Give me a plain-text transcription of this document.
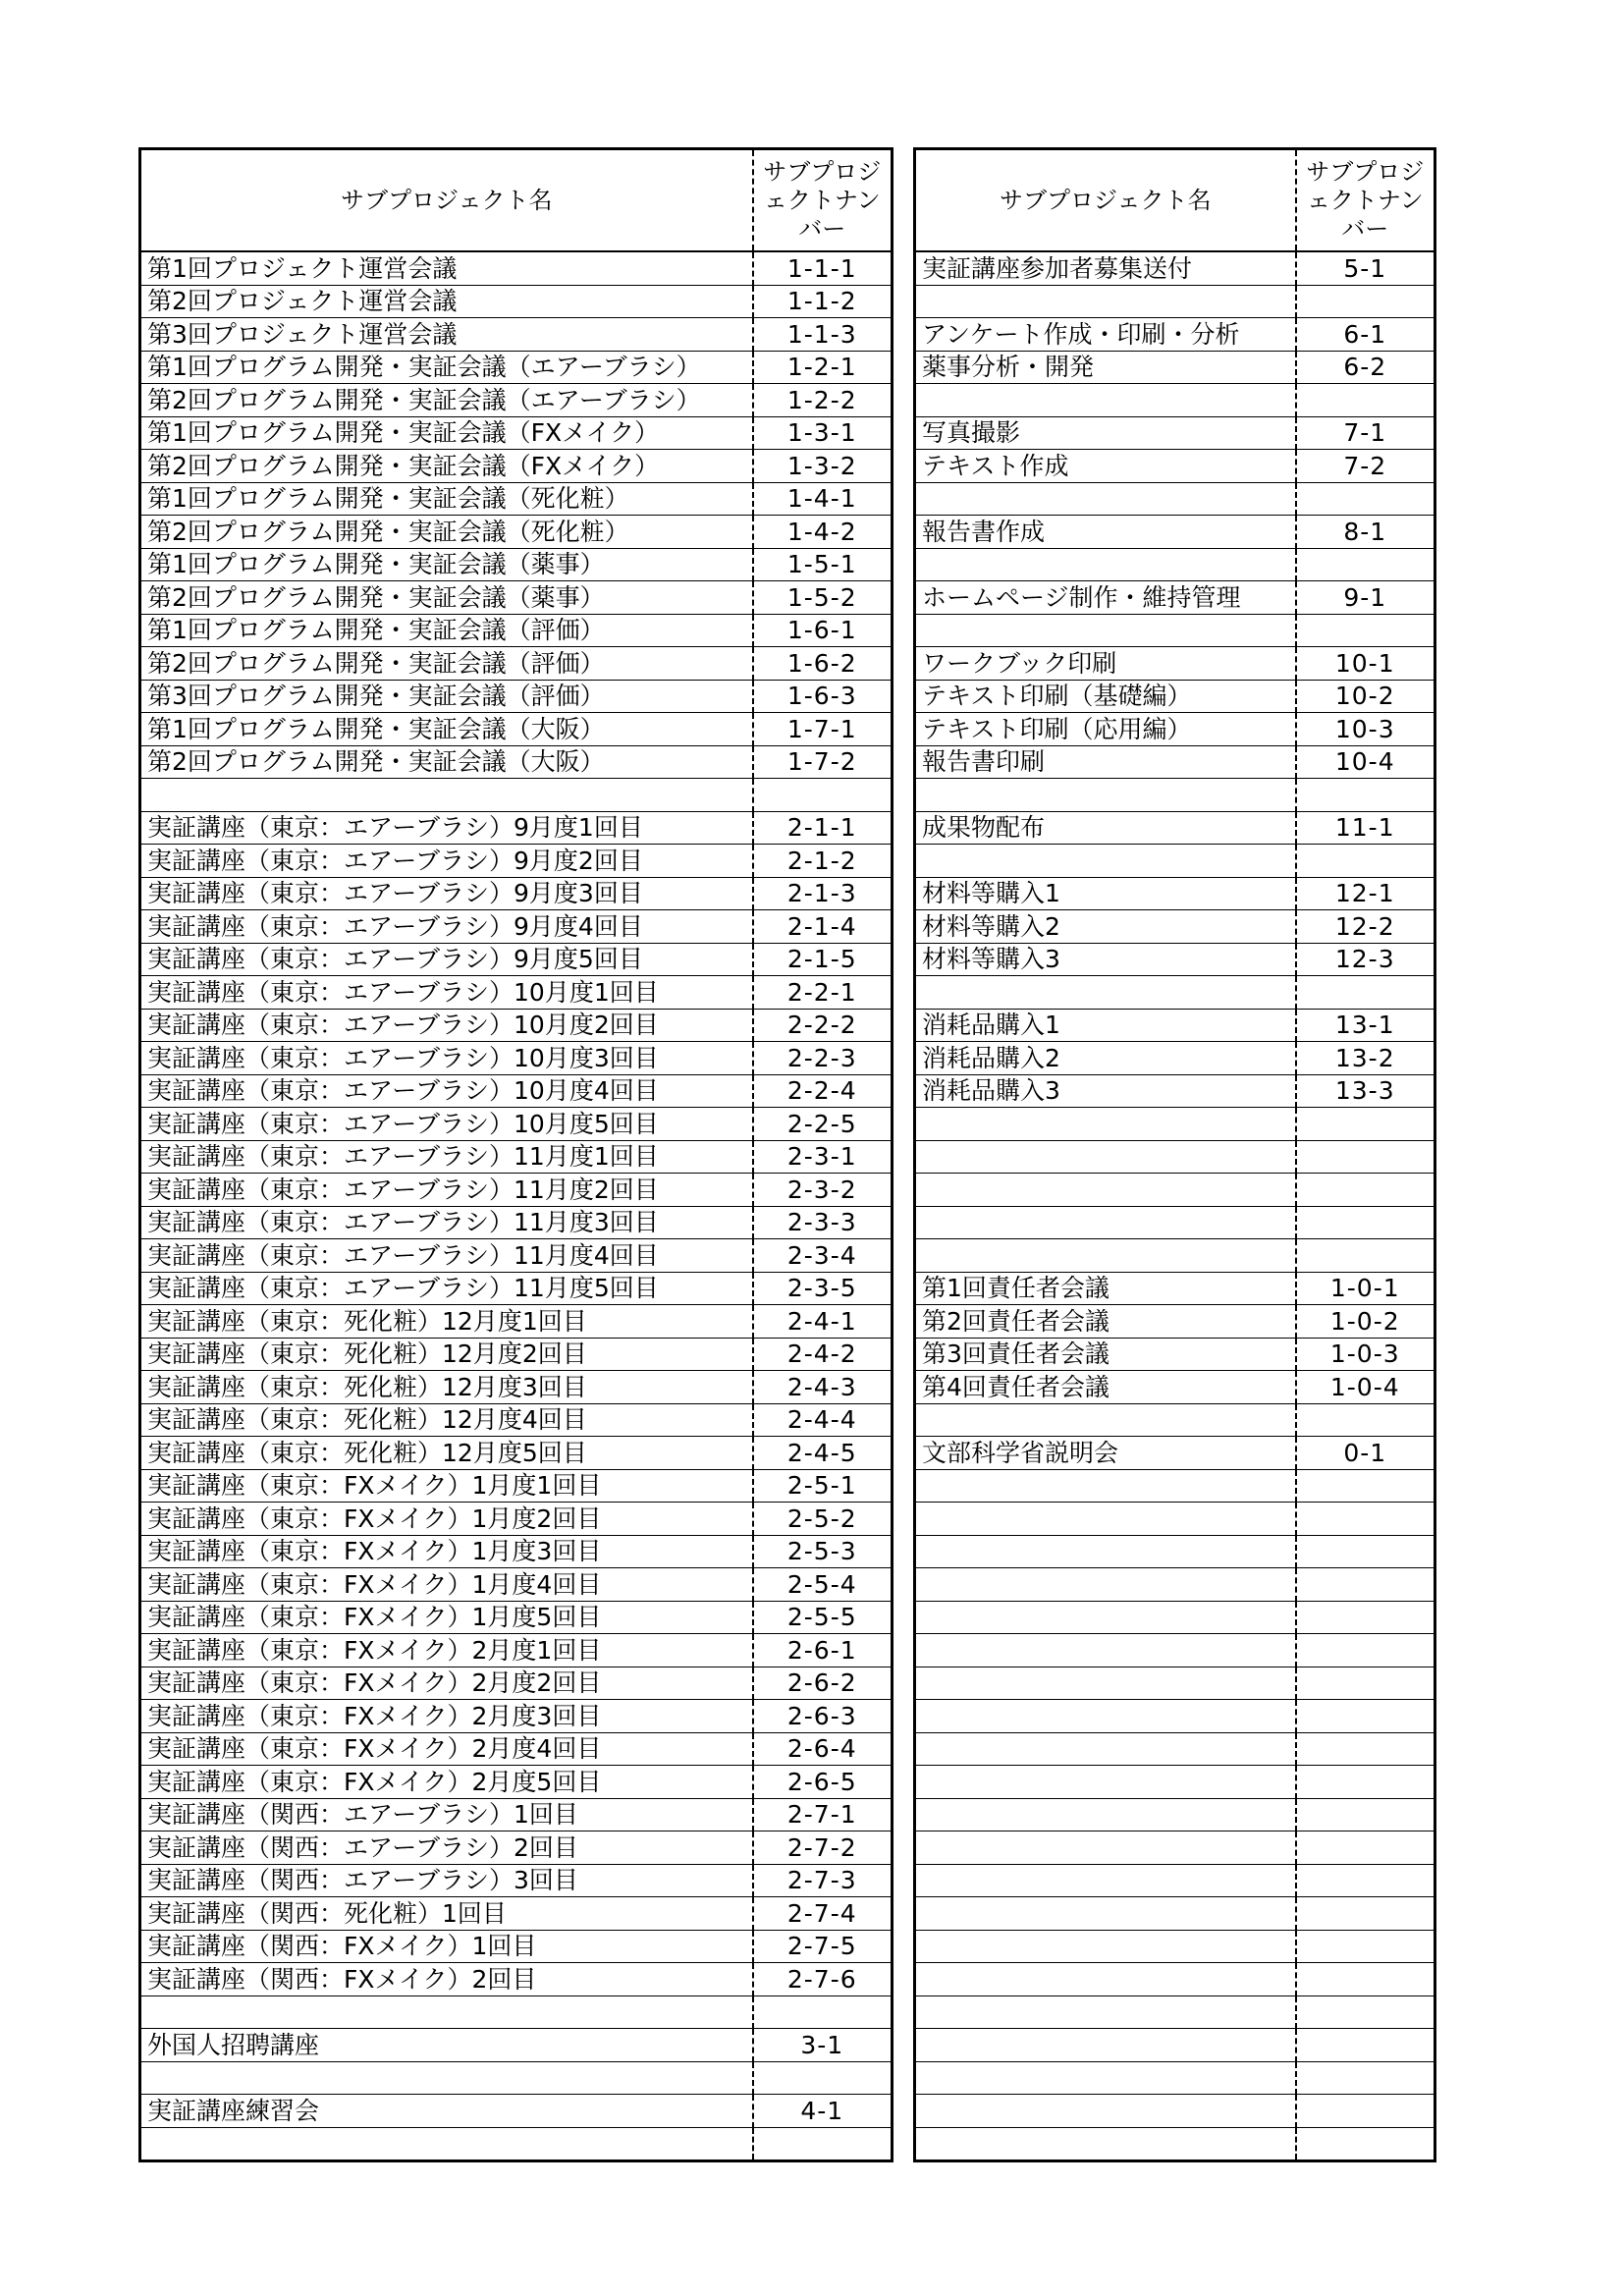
サブプロジェクト名	サブプロジェクトナンバー
第1回プロジェクト運営会議	1-1-1
第2回プロジェクト運営会議	1-1-2
第3回プロジェクト運営会議	1-1-3
第1回プログラム開発・実証会議（エアーブラシ）	1-2-1
第2回プログラム開発・実証会議（エアーブラシ）	1-2-2
第1回プログラム開発・実証会議（FXメイク）	1-3-1
第2回プログラム開発・実証会議（FXメイク）	1-3-2
第1回プログラム開発・実証会議（死化粧）	1-4-1
第2回プログラム開発・実証会議（死化粧）	1-4-2
第1回プログラム開発・実証会議（薬事）	1-5-1
第2回プログラム開発・実証会議（薬事）	1-5-2
第1回プログラム開発・実証会議（評価）	1-6-1
第2回プログラム開発・実証会議（評価）	1-6-2
第3回プログラム開発・実証会議（評価）	1-6-3
第1回プログラム開発・実証会議（大阪）	1-7-1
第2回プログラム開発・実証会議（大阪）	1-7-2

実証講座（東京：エアーブラシ）9月度1回目	2-1-1
実証講座（東京：エアーブラシ）9月度2回目	2-1-2
実証講座（東京：エアーブラシ）9月度3回目	2-1-3
実証講座（東京：エアーブラシ）9月度4回目	2-1-4
実証講座（東京：エアーブラシ）9月度5回目	2-1-5
実証講座（東京：エアーブラシ）10月度1回目	2-2-1
実証講座（東京：エアーブラシ）10月度2回目	2-2-2
実証講座（東京：エアーブラシ）10月度3回目	2-2-3
実証講座（東京：エアーブラシ）10月度4回目	2-2-4
実証講座（東京：エアーブラシ）10月度5回目	2-2-5
実証講座（東京：エアーブラシ）11月度1回目	2-3-1
実証講座（東京：エアーブラシ）11月度2回目	2-3-2
実証講座（東京：エアーブラシ）11月度3回目	2-3-3
実証講座（東京：エアーブラシ）11月度4回目	2-3-4
実証講座（東京：エアーブラシ）11月度5回目	2-3-5
実証講座（東京：死化粧）12月度1回目	2-4-1
実証講座（東京：死化粧）12月度2回目	2-4-2
実証講座（東京：死化粧）12月度3回目	2-4-3
実証講座（東京：死化粧）12月度4回目	2-4-4
実証講座（東京：死化粧）12月度5回目	2-4-5
実証講座（東京：FXメイク）1月度1回目	2-5-1
実証講座（東京：FXメイク）1月度2回目	2-5-2
実証講座（東京：FXメイク）1月度3回目	2-5-3
実証講座（東京：FXメイク）1月度4回目	2-5-4
実証講座（東京：FXメイク）1月度5回目	2-5-5
実証講座（東京：FXメイク）2月度1回目	2-6-1
実証講座（東京：FXメイク）2月度2回目	2-6-2
実証講座（東京：FXメイク）2月度3回目	2-6-3
実証講座（東京：FXメイク）2月度4回目	2-6-4
実証講座（東京：FXメイク）2月度5回目	2-6-5
実証講座（関西：エアーブラシ）1回目	2-7-1
実証講座（関西：エアーブラシ）2回目	2-7-2
実証講座（関西：エアーブラシ）3回目	2-7-3
実証講座（関西：死化粧）1回目	2-7-4
実証講座（関西：FXメイク）1回目	2-7-5
実証講座（関西：FXメイク）2回目	2-7-6

外国人招聘講座	3-1

実証講座練習会	4-1

サブプロジェクト名	サブプロジェクトナンバー
実証講座参加者募集送付	5-1

アンケート作成・印刷・分析	6-1
薬事分析・開発	6-2

写真撮影	7-1
テキスト作成	7-2

報告書作成	8-1

ホームページ制作・維持管理	9-1

ワークブック印刷	10-1
テキスト印刷（基礎編）	10-2
テキスト印刷（応用編）	10-3
報告書印刷	10-4

成果物配布	11-1

材料等購入1	12-1
材料等購入2	12-2
材料等購入3	12-3

消耗品購入1	13-1
消耗品購入2	13-2
消耗品購入3	13-3

第1回責任者会議	1-0-1
第2回責任者会議	1-0-2
第3回責任者会議	1-0-3
第4回責任者会議	1-0-4

文部科学省説明会	0-1
